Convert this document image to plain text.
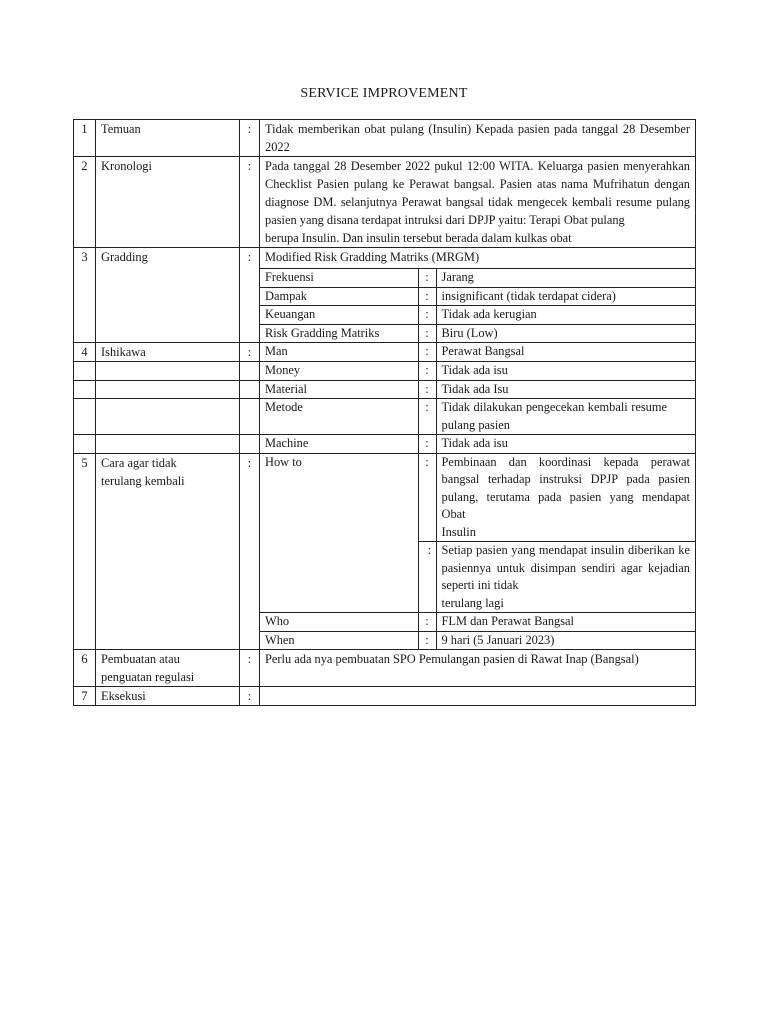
SERVICE IMPROVEMENT
1	Temuan	:	Tidak memberikan obat pulang (Insulin) Kepada pasien pada tanggal 28 Desember 2022
2	Kronologi	:	Pada tanggal 28 Desember 2022 pukul 12:00 WITA. Keluarga pasien menyerahkan Checklist Pasien pulang ke Perawat bangsal. Pasien atas nama Mufrihatun dengan diagnose DM. selanjutnya Perawat bangsal tidak mengecek kembali resume pulang pasien yang disana terdapat intruksi dari DPJP yaitu: Terapi Obat pulang
berupa Insulin. Dan insulin tersebut berada dalam kulkas obat

3	Gradding	:	Modified Risk Gradding Matriks (MRGM)
Frekuensi	:	Jarang
Dampak	:	insignificant (tidak terdapat cidera)
Keuangan	:	Tidak ada kerugian
Risk Gradding Matriks	:	Biru (Low)

4	Ishikawa	:	Man	:	Perawat Bangsal

Money	:	Tidak ada isu

Material	:	Tidak ada Isu

Metode	:	Tidak dilakukan pengecekan kembali resume pulang pasien

Machine	:	Tidak ada isu

5	Cara agar tidak terulang kembali	:	How to	:	Pembinaan dan koordinasi kepada perawat bangsal terhadap instruksi DPJP pada pasien pulang, terutama pada pasien yang mendapat Obat
Insulin

:	Setiap pasien yang mendapat insulin diberikan ke pasiennya untuk disimpan sendiri agar kejadian seperti ini tidak
terulang lagi

Who	:	FLM dan Perawat Bangsal
When	:	9 hari (5 Januari 2023)

6	Pembuatan atau penguatan regulasi	:	Perlu ada nya pembuatan SPO Pemulangan pasien di Rawat Inap (Bangsal)
7	Eksekusi	:	
